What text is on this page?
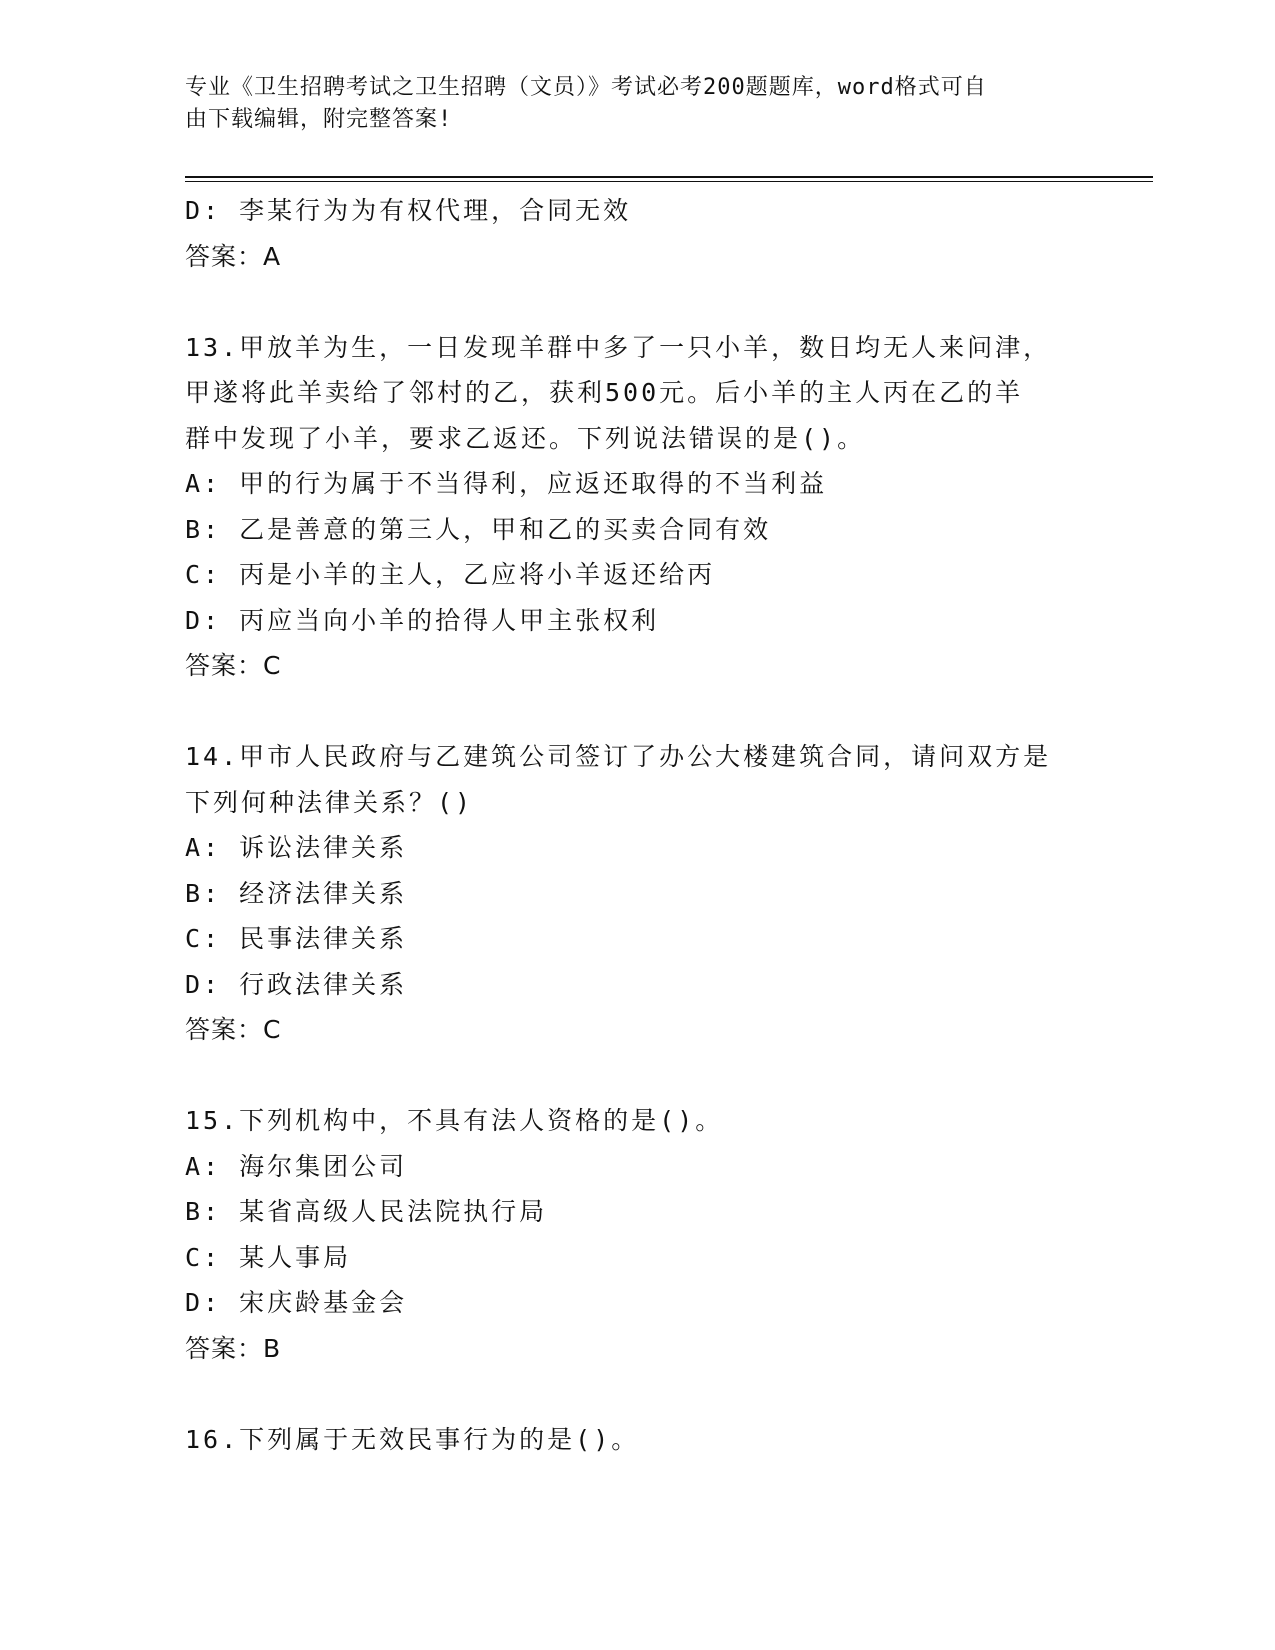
专业《卫生招聘考试之卫生招聘（文员）》考试必考200题题库，word格式可自
由下载编辑，附完整答案!
D: 李某行为为有权代理，合同无效
答案：A
13.甲放羊为生，一日发现羊群中多了一只小羊，数日均无人来问津，
甲遂将此羊卖给了邻村的乙，获利500元。后小羊的主人丙在乙的羊
群中发现了小羊，要求乙返还。下列说法错误的是()。
A: 甲的行为属于不当得利，应返还取得的不当利益
B: 乙是善意的第三人，甲和乙的买卖合同有效
C: 丙是小羊的主人，乙应将小羊返还给丙
D: 丙应当向小羊的拾得人甲主张权利
答案：C
14.甲市人民政府与乙建筑公司签订了办公大楼建筑合同，请问双方是
下列何种法律关系？()
A: 诉讼法律关系
B: 经济法律关系
C: 民事法律关系
D: 行政法律关系
答案：C
15.下列机构中，不具有法人资格的是()。
A: 海尔集团公司
B: 某省高级人民法院执行局
C: 某人事局
D: 宋庆龄基金会
答案：B
16.下列属于无效民事行为的是()。
